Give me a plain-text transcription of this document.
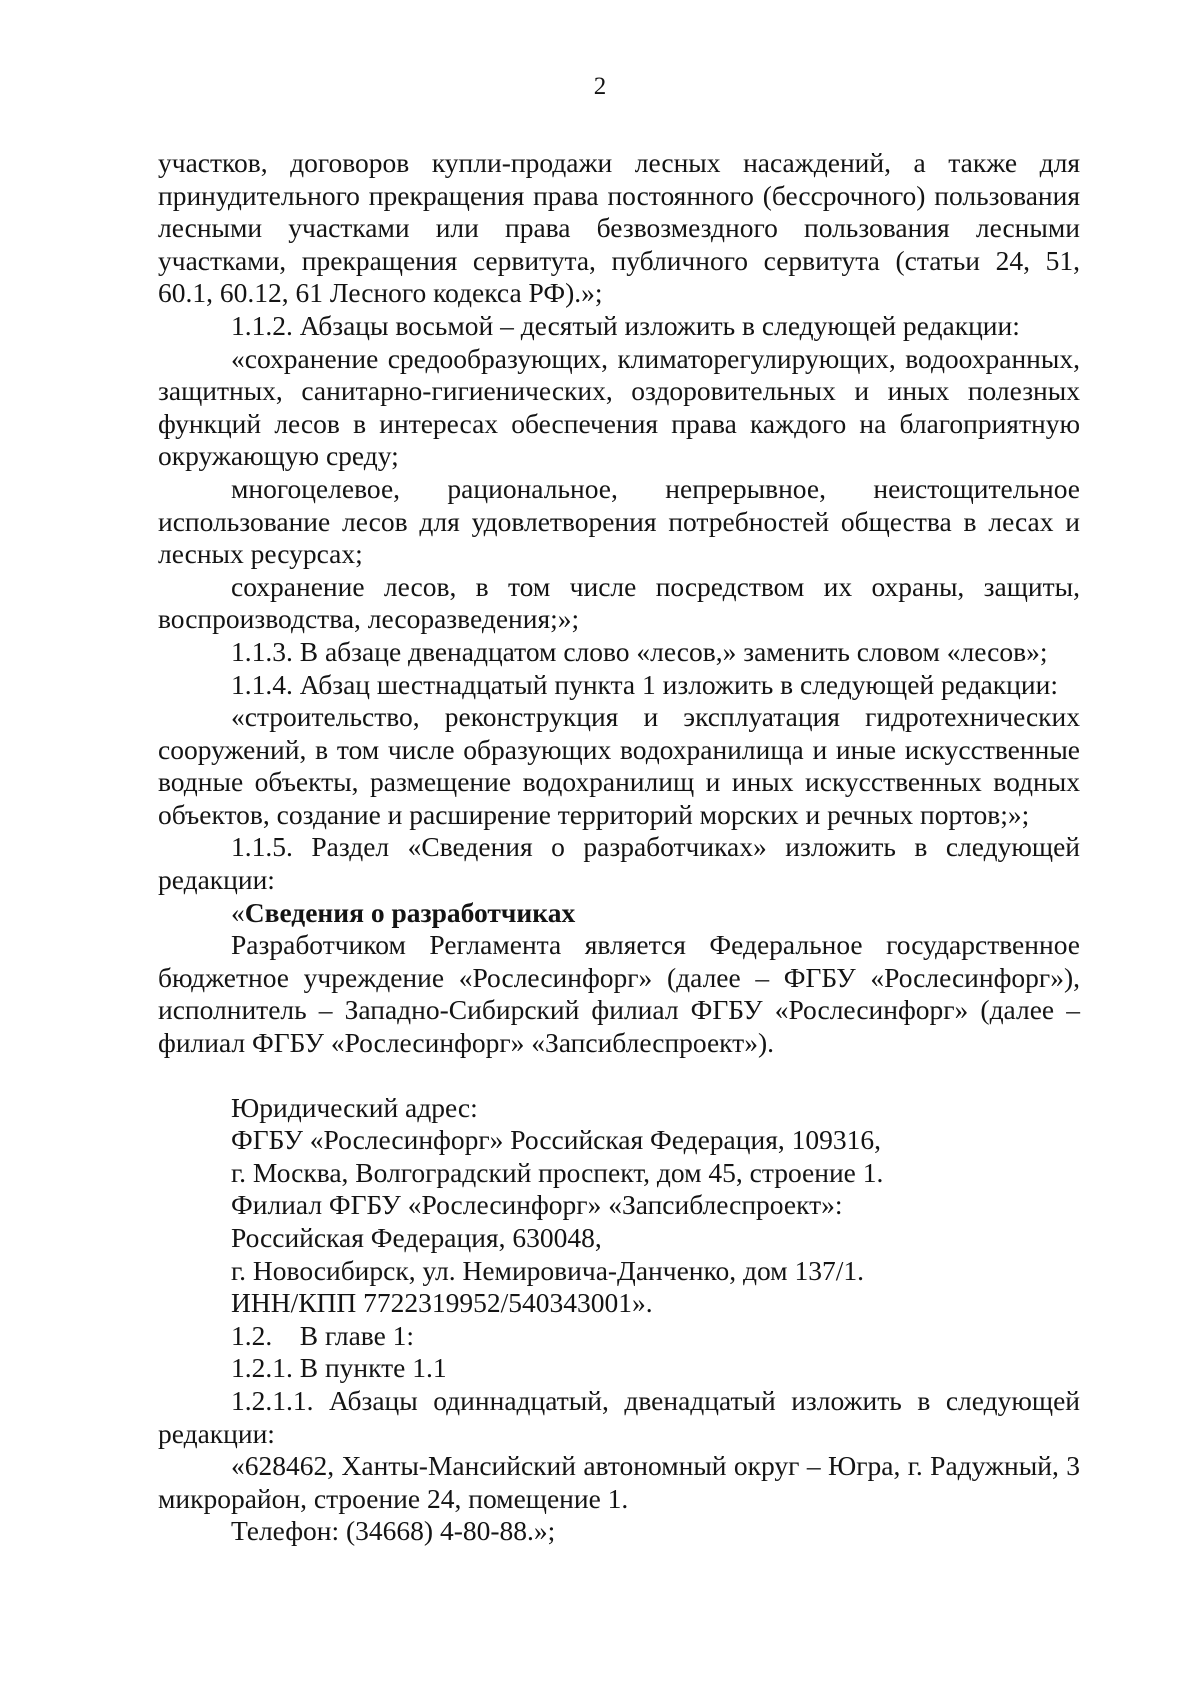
2

участков, договоров купли-продажи лесных насаждений, а также для принудительного прекращения права постоянного (бессрочного) пользования лесными участками или права безвозмездного пользования лесными участками, прекращения сервитута, публичного сервитута (статьи 24, 51, 60.1, 60.12, 61 Лесного кодекса РФ).»;

1.1.2. Абзацы восьмой – десятый изложить в следующей редакции:

«сохранение средообразующих, климаторегулирующих, водоохранных, защитных, санитарно-гигиенических, оздоровительных и иных полезных функций лесов в интересах обеспечения права каждого на благоприятную окружающую среду;

многоцелевое, рациональное, непрерывное, неистощительное использование лесов для удовлетворения потребностей общества в лесах и лесных ресурсах;

сохранение лесов, в том числе посредством их охраны, защиты, воспроизводства, лесоразведения;»;

1.1.3. В абзаце двенадцатом слово «лесов,» заменить словом «лесов»;

1.1.4. Абзац шестнадцатый пункта 1 изложить в следующей редакции:

«строительство, реконструкция и эксплуатация гидротехнических сооружений, в том числе образующих водохранилища и иные искусственные водные объекты, размещение водохранилищ и иных искусственных водных объектов, создание и расширение территорий морских и речных портов;»;

1.1.5. Раздел «Сведения о разработчиках» изложить в следующей редакции:

«Сведения о разработчиках

Разработчиком Регламента является Федеральное государственное бюджетное учреждение «Рослесинфорг» (далее – ФГБУ «Рослесинфорг»), исполнитель – Западно-Сибирский филиал ФГБУ «Рослесинфорг» (далее – филиал ФГБУ «Рослесинфорг» «Запсиблеспроект»).

Юридический адрес:

ФГБУ «Рослесинфорг» Российская Федерация, 109316,

г. Москва, Волгоградский проспект, дом 45, строение 1.

Филиал ФГБУ «Рослесинфорг» «Запсиблеспроект»:

Российская Федерация, 630048,

г. Новосибирск, ул. Немировича-Данченко, дом 137/1.

ИНН/КПП 7722319952/540343001».

1.2.    В главе 1:

1.2.1. В пункте 1.1

1.2.1.1. Абзацы одиннадцатый, двенадцатый изложить в следующей редакции:

«628462, Ханты-Мансийский автономный округ – Югра, г. Радужный, 3 микрорайон, строение 24, помещение 1.

Телефон: (34668) 4-80-88.»;
